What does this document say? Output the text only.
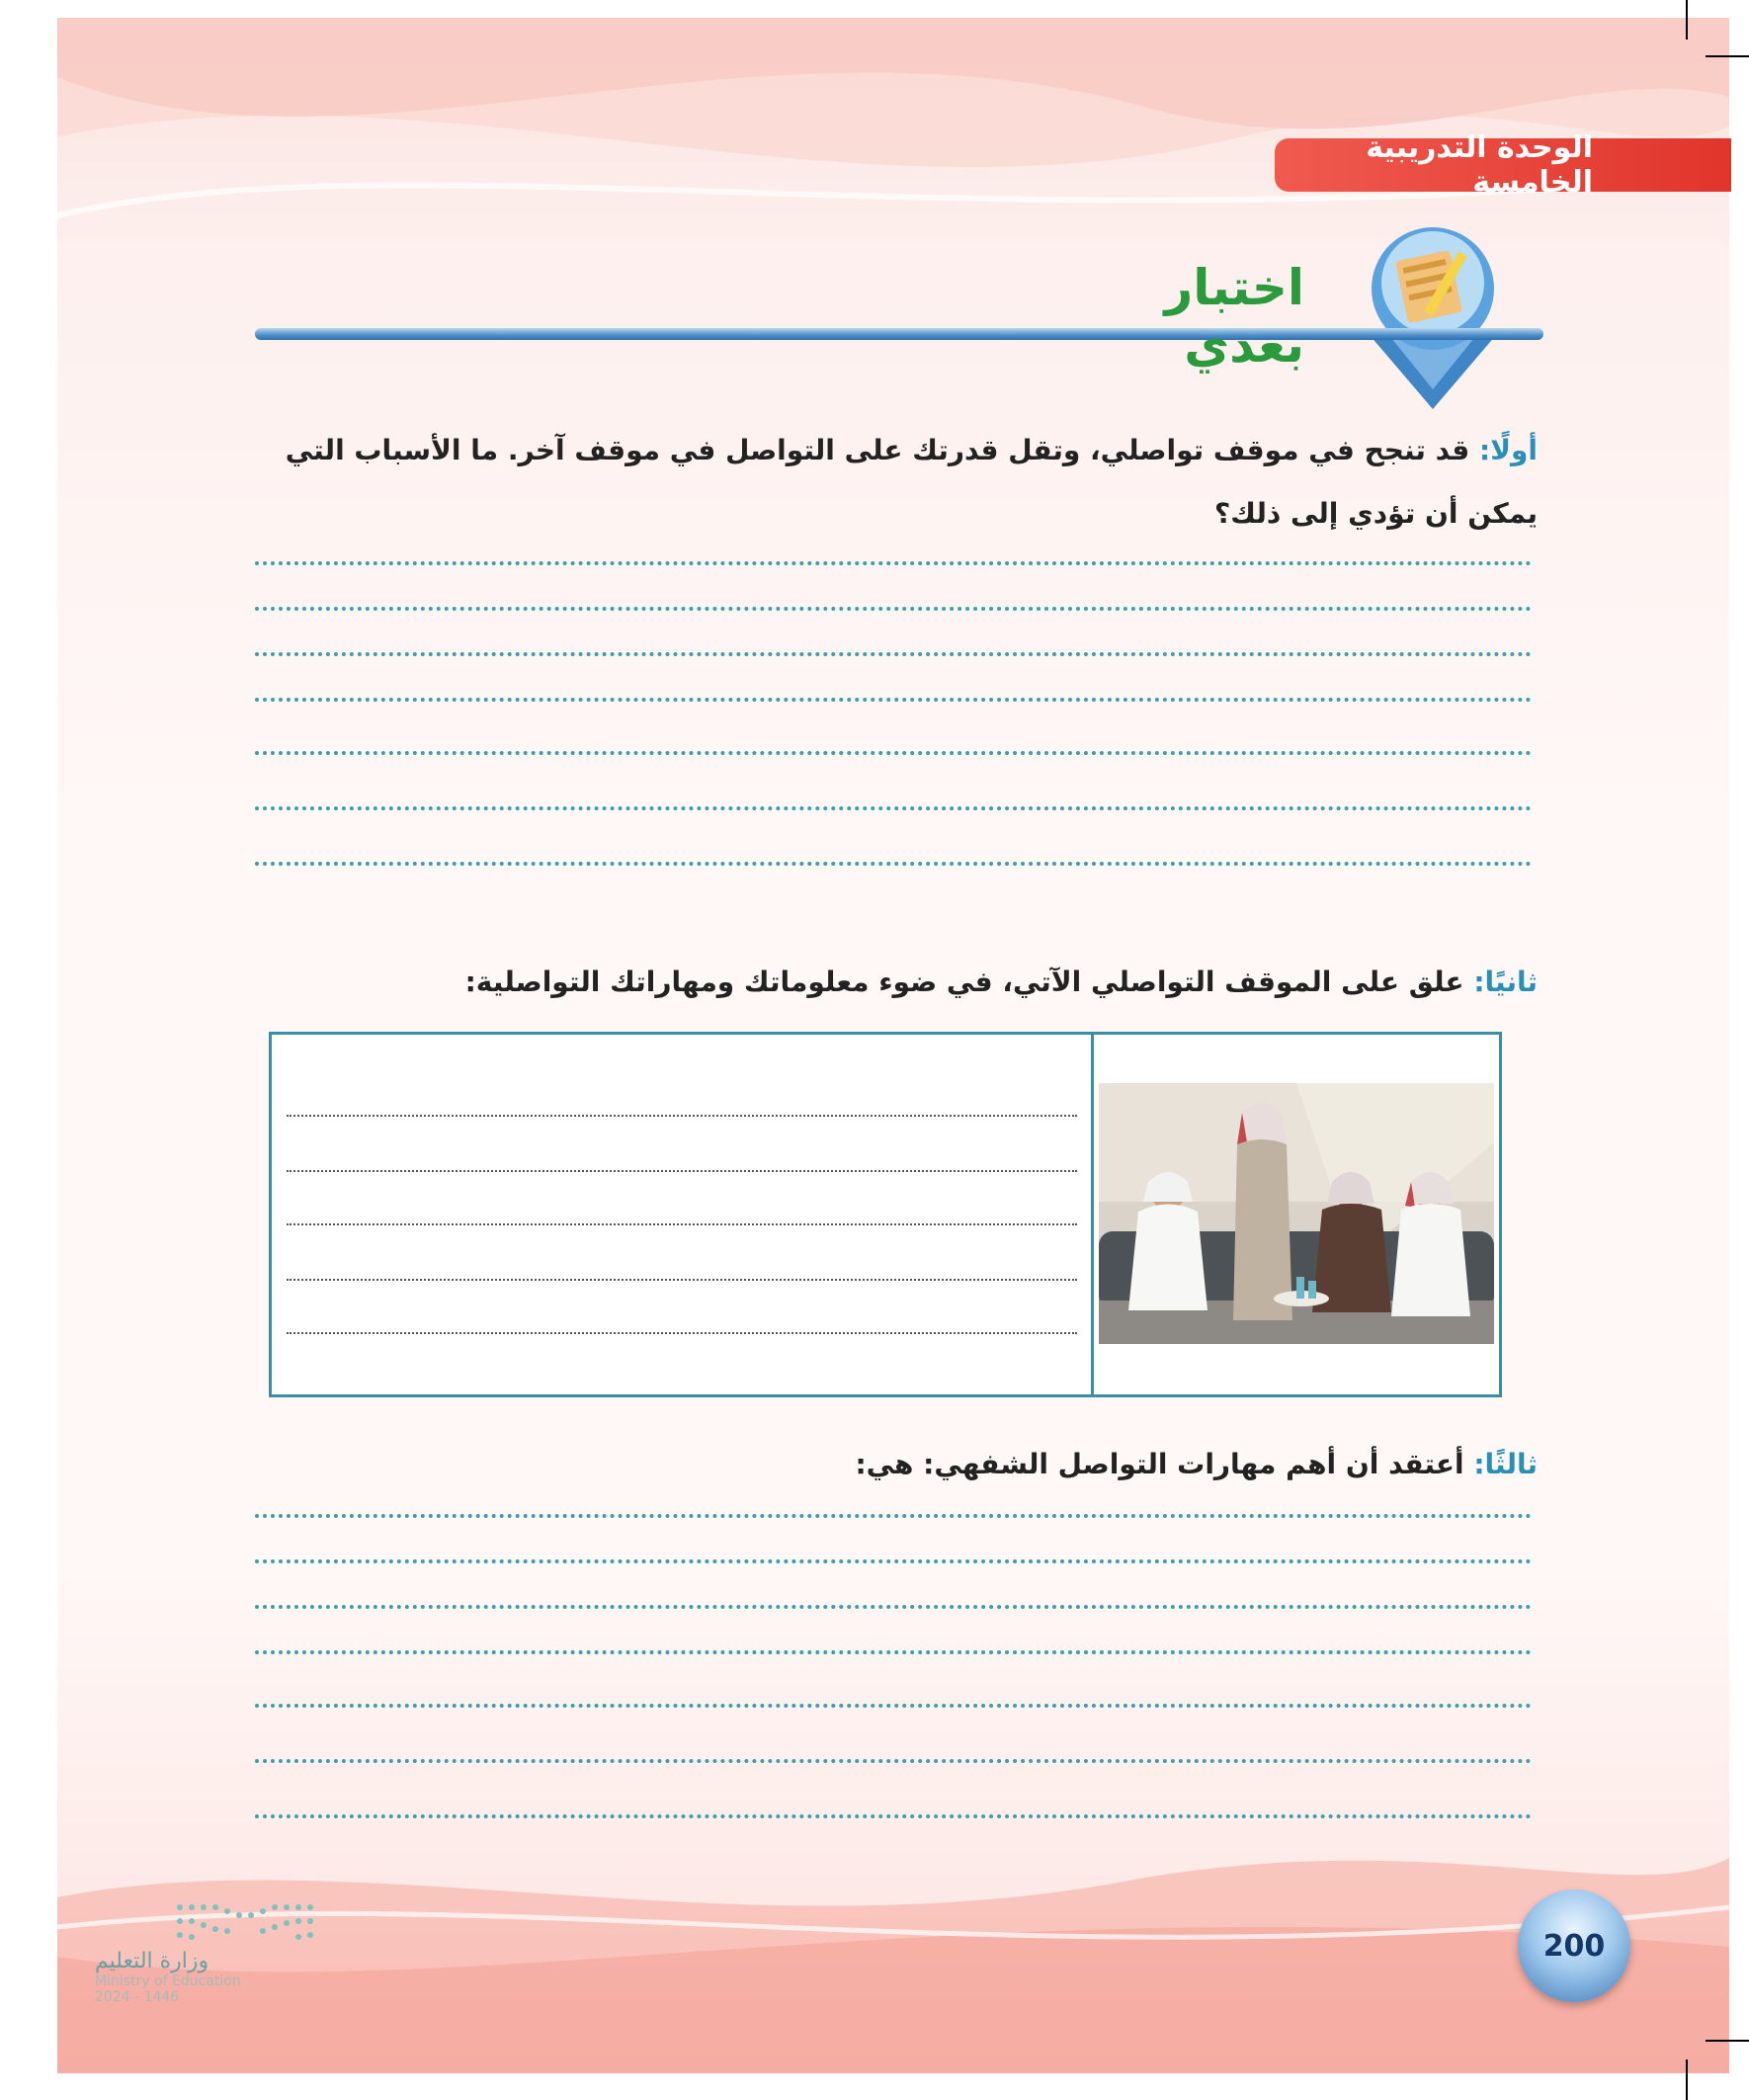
الوحدة التدريبية الخامسة
اختبار بعدي
أولًا: قد تنجح في موقف تواصلي، وتقل قدرتك على التواصل في موقف آخر. ما الأسباب التي يمكن أن تؤدي إلى ذلك؟
ثانيًا: علق على الموقف التواصلي الآتي، في ضوء معلوماتك ومهاراتك التواصلية:
ثالثًا: أعتقد أن أهم مهارات التواصل الشفهي: هي:
200
وزارة التعليم
Ministry of Education
2024 - 1446
